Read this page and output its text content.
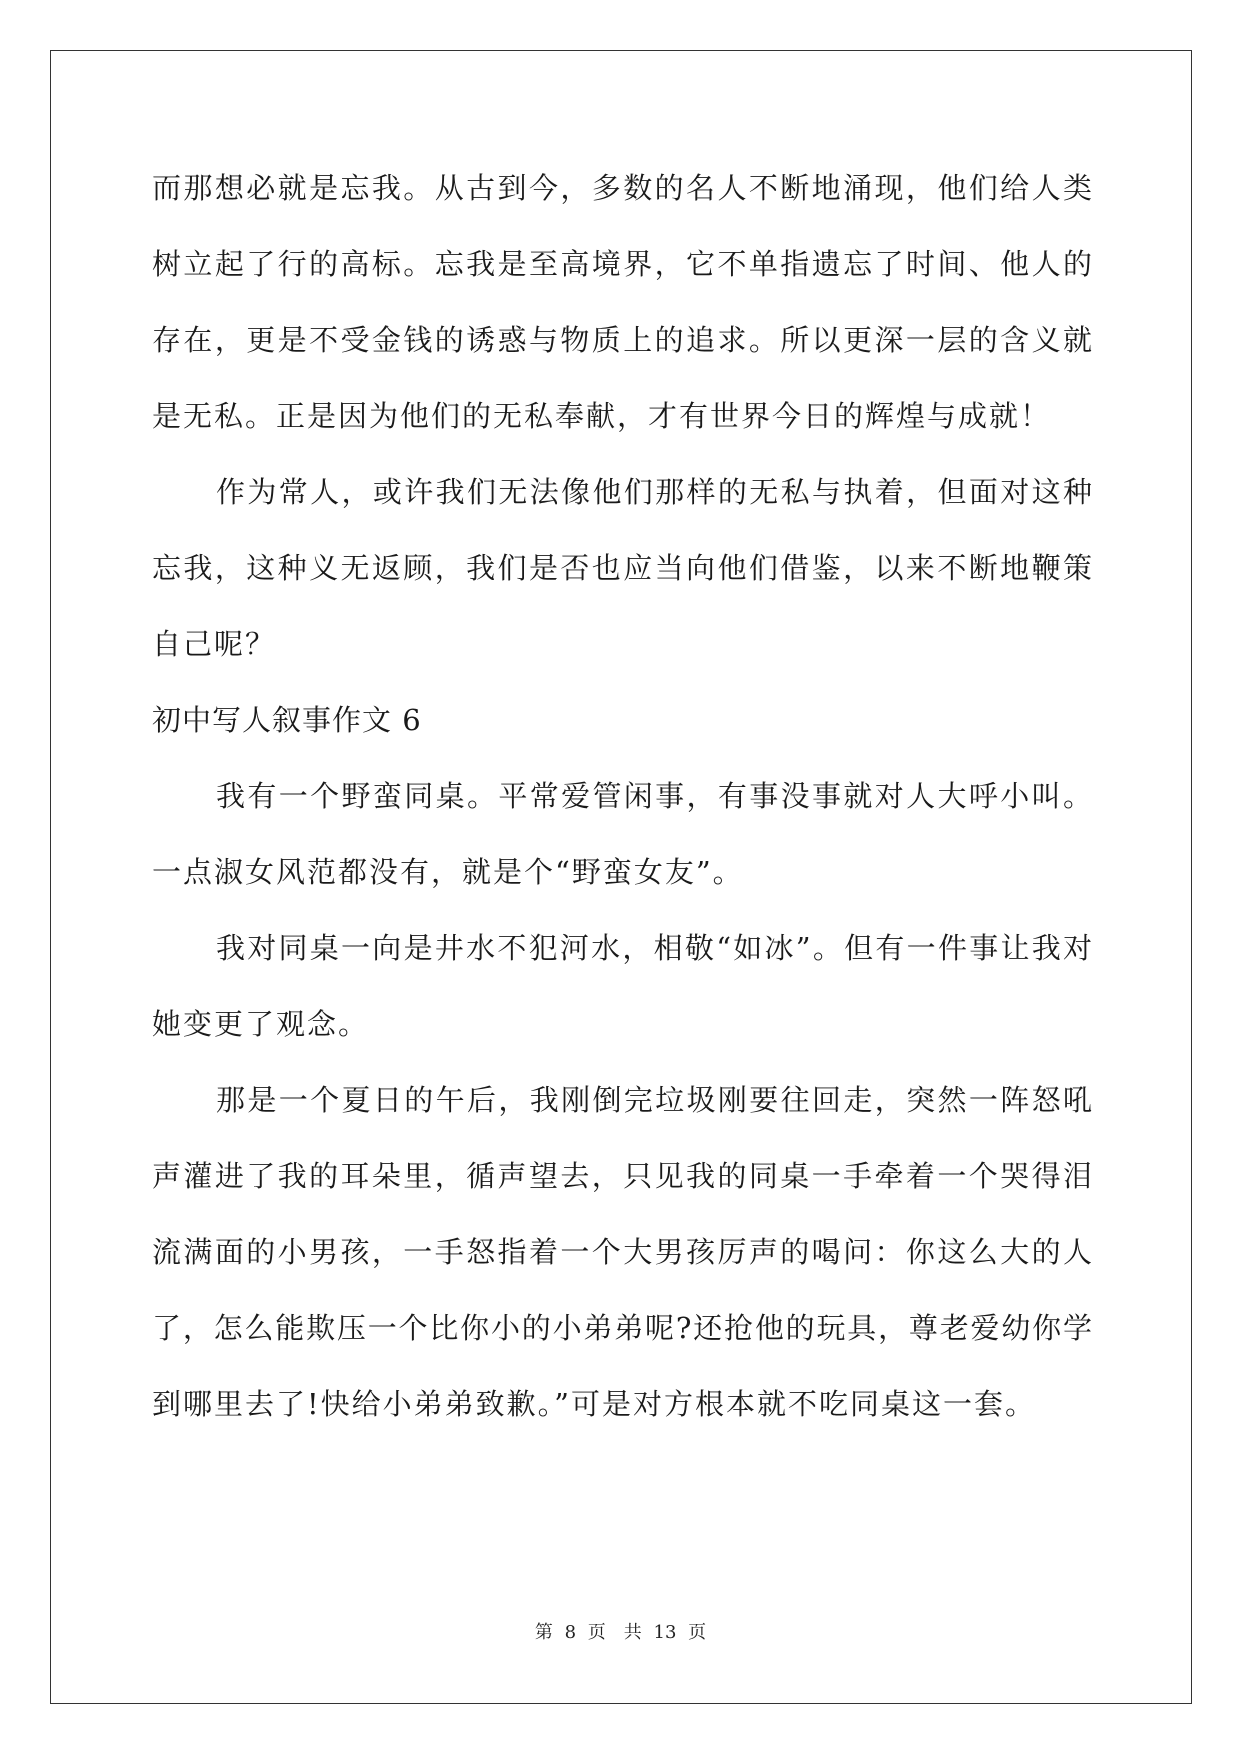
而那想必就是忘我。从古到今，多数的名人不断地涌现，他们给人类
树立起了行的高标。忘我是至高境界，它不单指遗忘了时间、他人的
存在，更是不受金钱的诱惑与物质上的追求。所以更深一层的含义就
是无私。正是因为他们的无私奉献，才有世界今日的辉煌与成就！
作为常人，或许我们无法像他们那样的无私与执着，但面对这种
忘我，这种义无返顾，我们是否也应当向他们借鉴，以来不断地鞭策
自己呢？
初中写人叙事作文 6
我有一个野蛮同桌。平常爱管闲事，有事没事就对人大呼小叫。
一点淑女风范都没有，就是个“野蛮女友”。
我对同桌一向是井水不犯河水，相敬“如冰”。但有一件事让我对
她变更了观念。
那是一个夏日的午后，我刚倒完垃圾刚要往回走，突然一阵怒吼
声灌进了我的耳朵里，循声望去，只见我的同桌一手牵着一个哭得泪
流满面的小男孩，一手怒指着一个大男孩厉声的喝问：你这么大的人
了，怎么能欺压一个比你小的小弟弟呢?还抢他的玩具，尊老爱幼你学
到哪里去了!快给小弟弟致歉。”可是对方根本就不吃同桌这一套。
第 8 页　共 13 页
